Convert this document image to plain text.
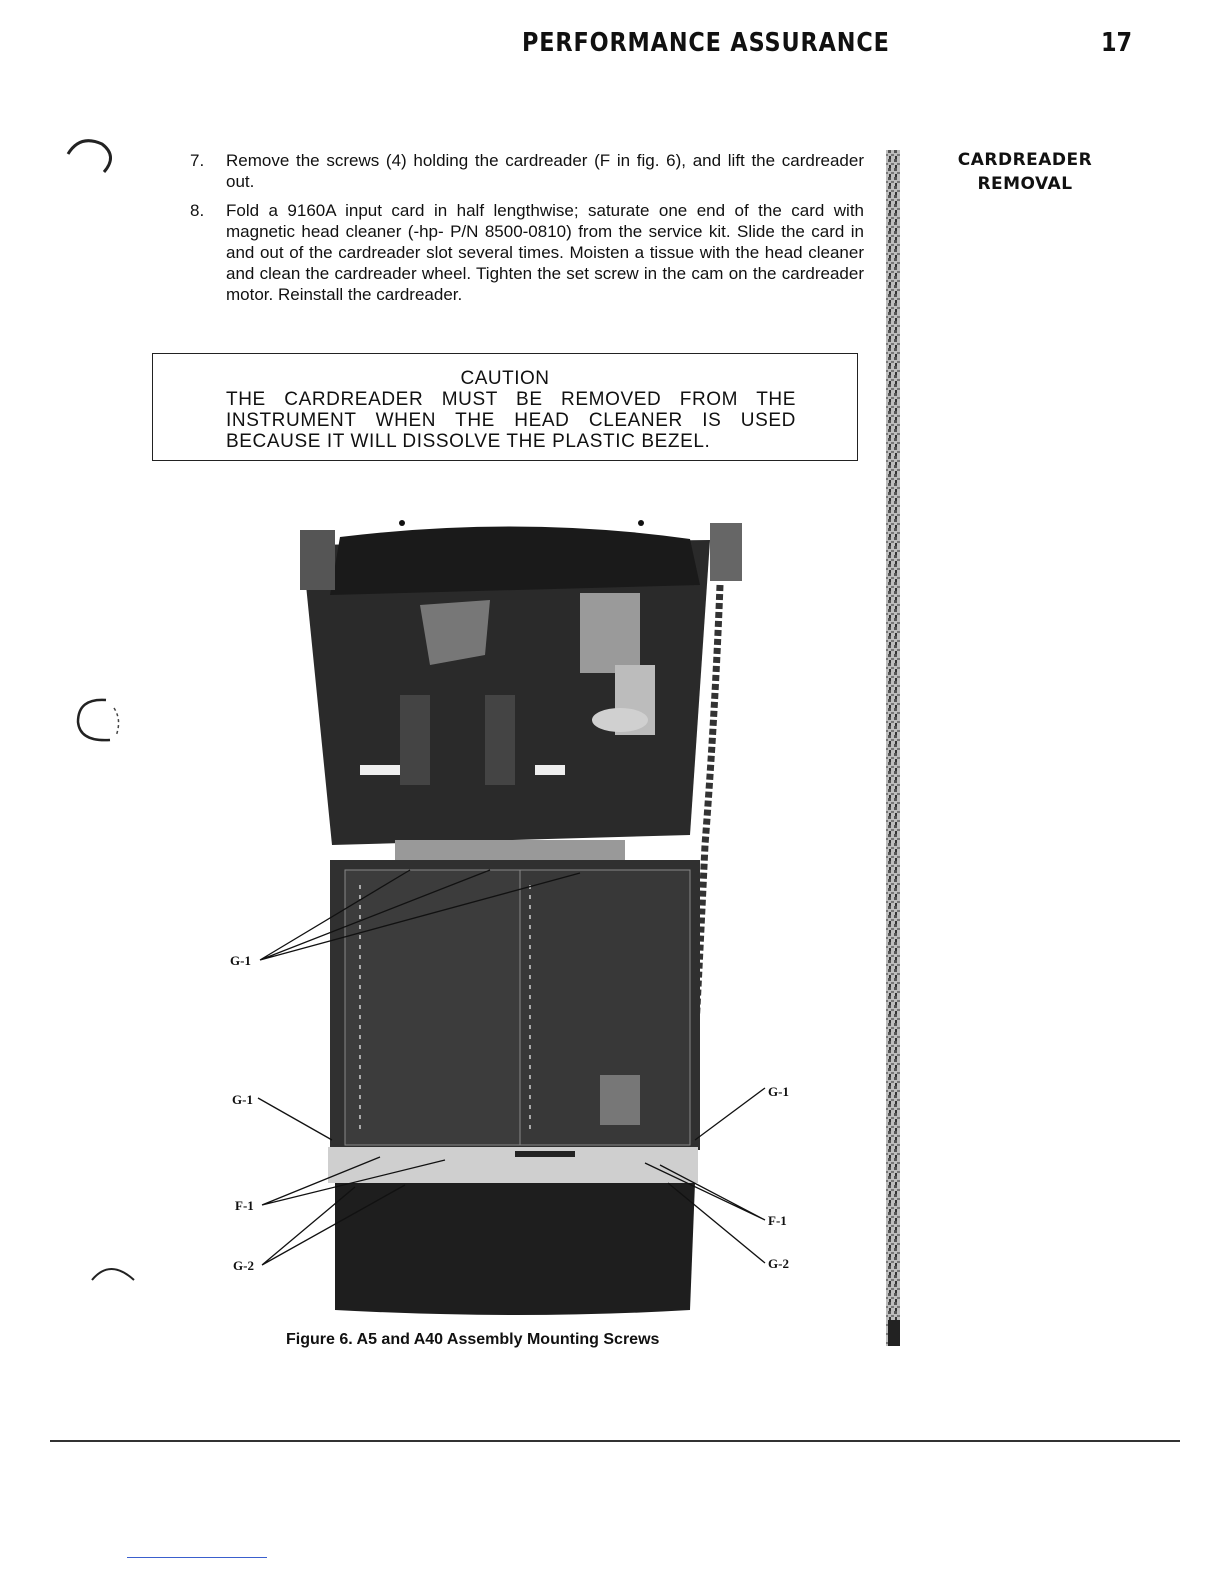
PERFORMANCE ASSURANCE	17
CARDREADER
REMOVAL
7.	Remove the screws (4) holding the cardreader (F in fig. 6), and lift the cardreader out.
8.	Fold a 9160A input card in half lengthwise; saturate one end of the card with magnetic head cleaner (-hp- P/N 8500-0810) from the service kit. Slide the card in and out of the cardreader slot several times. Moisten a tissue with the head cleaner and clean the cardreader wheel. Tighten the set screw in the cam on the cardreader motor. Reinstall the cardreader.
CAUTION
THE CARDREADER MUST BE REMOVED FROM THE INSTRUMENT WHEN THE HEAD CLEANER IS USED BECAUSE IT WILL DISSOLVE THE PLASTIC BEZEL.
G-1
G-1
G-1
F-1
F-1
G-2	G-2
Figure 6. A5 and A40 Assembly Mounting Screws
